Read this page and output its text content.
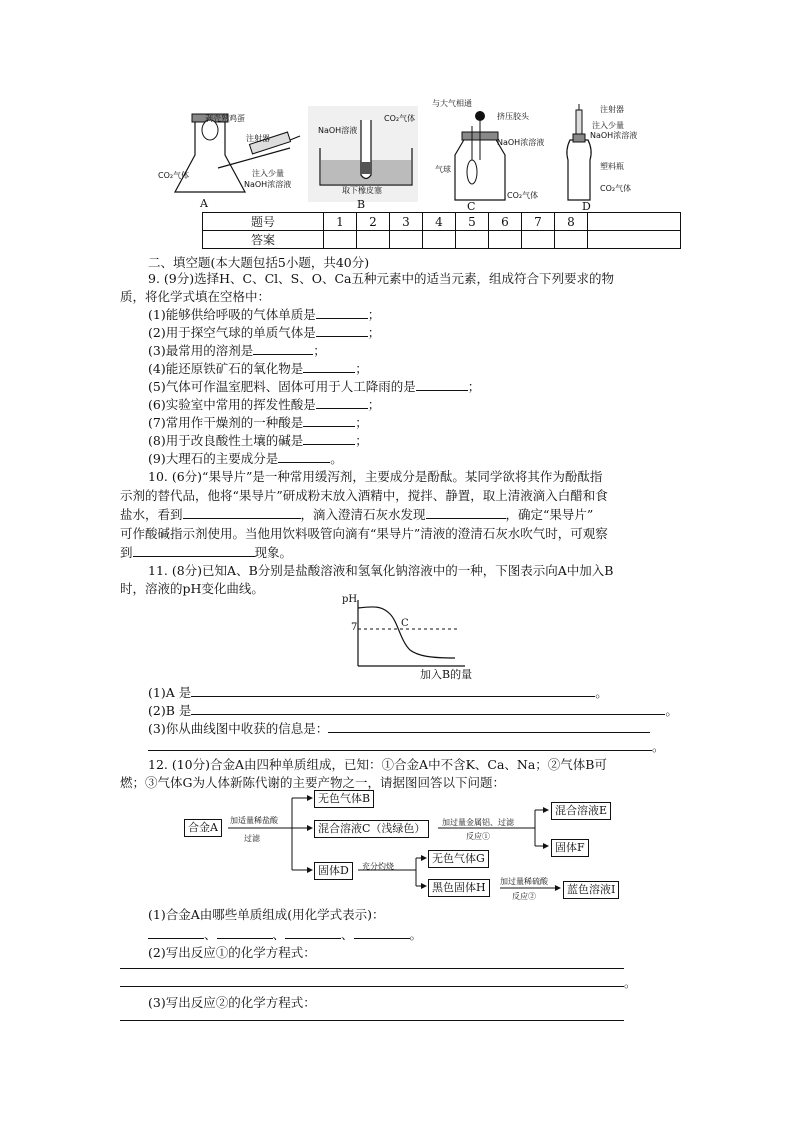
剥壳熟鸡蛋
注射器
CO₂气体	注入少量
NaOH浓溶液
A
NaOH溶液
CO₂气体
取下橡皮塞
B
与大气相通
挤压胶头
NaOH浓溶液
气球
CO₂气体
C
注射器
注入少量
NaOH浓溶液
塑料瓶
CO₂气体
D
题号	1	2	3	4	5	6	7	8	
答案									
二、填空题(本大题包括5小题，共40分)
9. (9分)选择H、C、Cl、S、O、Ca五种元素中的适当元素，组成符合下列要求的物
质，将化学式填在空格中：
(1)能够供给呼吸的气体单质是	；
(2)用于探空气球的单质气体是	；
(3)最常用的溶剂是	；
(4)能还原铁矿石的氧化物是	；
(5)气体可作温室肥料、固体可用于人工降雨的是	；
(6)实验室中常用的挥发性酸是	；
(7)常用作干燥剂的一种酸是	；
(8)用于改良酸性土壤的碱是	；
(9)大理石的主要成分是	。
10. (6分)“果导片”是一种常用缓泻剂，主要成分是酚酞。某同学欲将其作为酚酞指
示剂的替代品，他将“果导片”研成粉末放入酒精中，搅拌、静置，取上清液滴入白醋和食
盐水，看到	，滴入澄清石灰水发现	，确定“果导片”
可作酸碱指示剂使用。当他用饮料吸管向滴有“果导片”清液的澄清石灰水吹气时，可观察
到	现象。
11. (8分)已知A、B分别是盐酸溶液和氢氧化钠溶液中的一种，下图表示向A中加入B
时，溶液的pH变化曲线。
pH
7	C
加入B的量
(1)A 是	。
(2)B 是	。
(3)你从曲线图中收获的信息是：
。
12. (10分)合金A由四种单质组成，已知：①合金A中不含K、Ca、Na；②气体B可
燃；③气体G为人体新陈代谢的主要产物之一，请据图回答以下问题：
合金A
加适量稀盐酸
过滤
无色气体B
混合溶液C（浅绿色）	加过量金属铝、过滤
反应①
混合溶液E
固体F
固体D	充分灼烧
无色气体G
黑色固体H	加过量稀硫酸
反应②
蓝色溶液I
(1)合金A由哪些单质组成(用化学式表示)：
、	、	、	。
(2)写出反应①的化学方程式：
。
(3)写出反应②的化学方程式：
